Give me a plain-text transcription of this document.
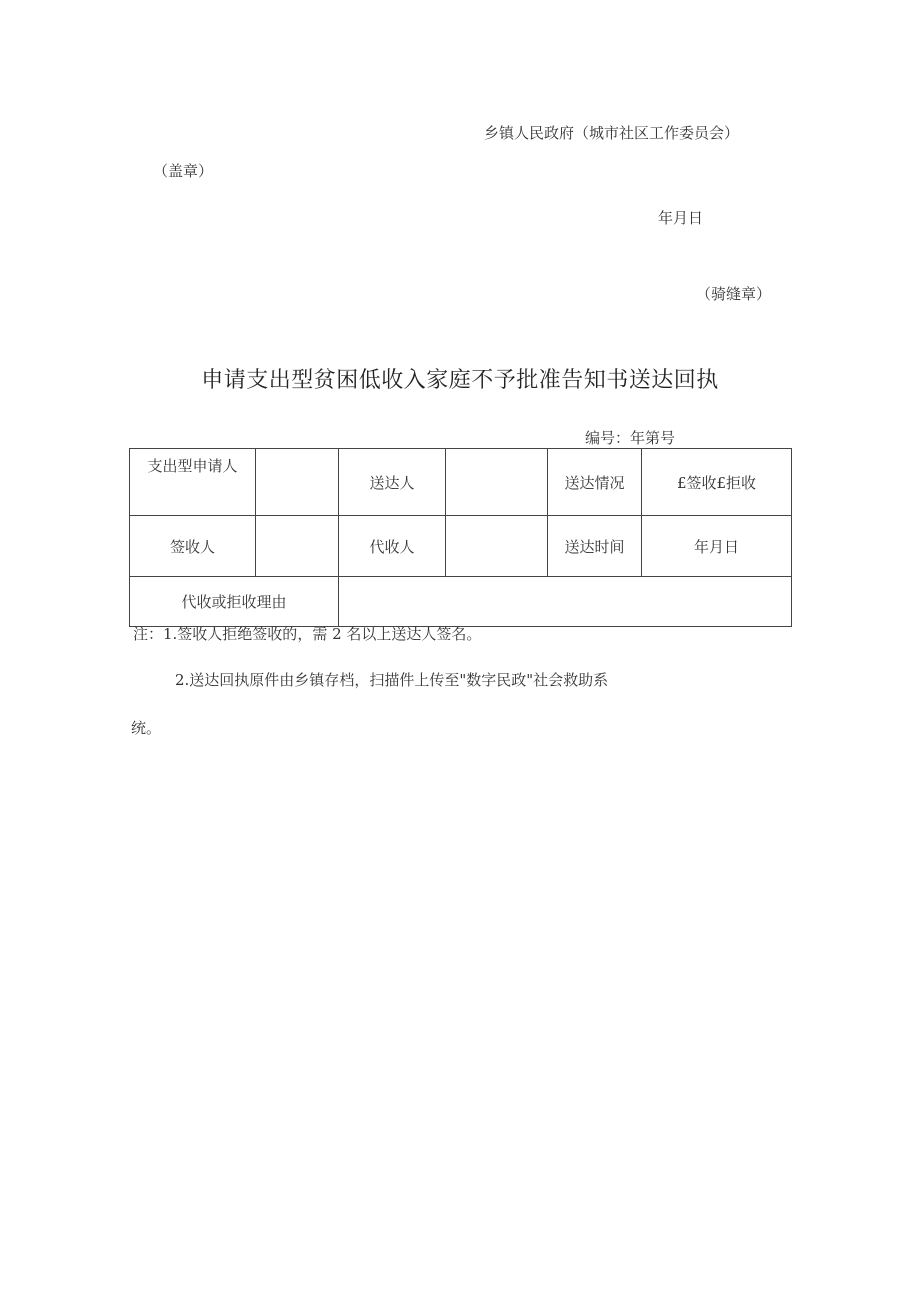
乡镇人民政府（城市社区工作委员会）
（盖章）
年月日
（骑缝章）
申请支出型贫困低收入家庭不予批准告知书送达回执
编号：年第号
支出型申请人		送达人		送达情况	£签收£拒收
签收人		代收人		送达时间	年月日
代收或拒收理由					
注：1.签收人拒绝签收的，需 2 名以上送达人签名。
2.送达回执原件由乡镇存档，扫描件上传至"数字民政"社会救助系
统。
